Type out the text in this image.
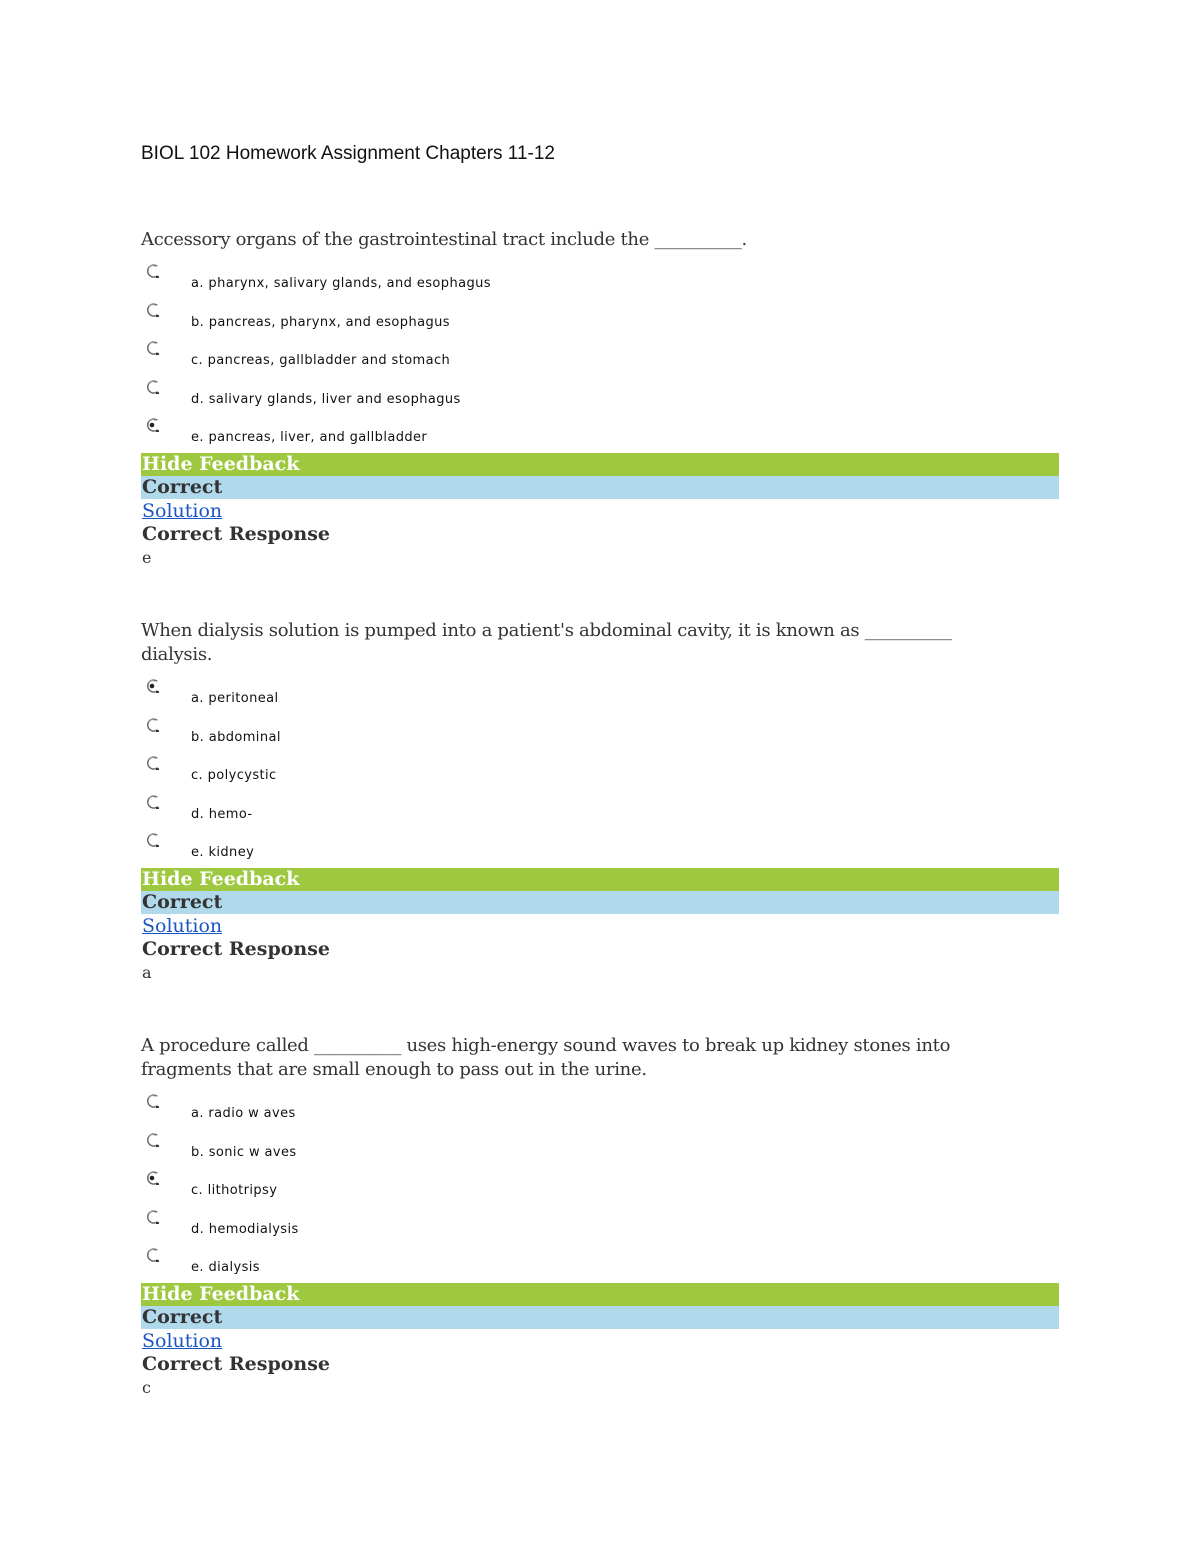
BIOL 102 Homework Assignment Chapters 11-12

Accessory organs of the gastrointestinal tract include the __________.

a. pharynx, salivary glands, and esophagus
b. pancreas, pharynx, and esophagus
c. pancreas, gallbladder and stomach
d. salivary glands, liver and esophagus
e. pancreas, liver, and gallbladder
Hide Feedback
Correct
Solution
Correct Response
e

When dialysis solution is pumped into a patient's abdominal cavity, it is known as __________ dialysis.

a. peritoneal
b. abdominal
c. polycystic
d. hemo-
e. kidney
Hide Feedback
Correct
Solution
Correct Response
a

A procedure called __________ uses high-energy sound waves to break up kidney stones into fragments that are small enough to pass out in the urine.

a. radio w aves
b. sonic w aves
c. lithotripsy
d. hemodialysis
e. dialysis
Hide Feedback
Correct
Solution
Correct Response
c
